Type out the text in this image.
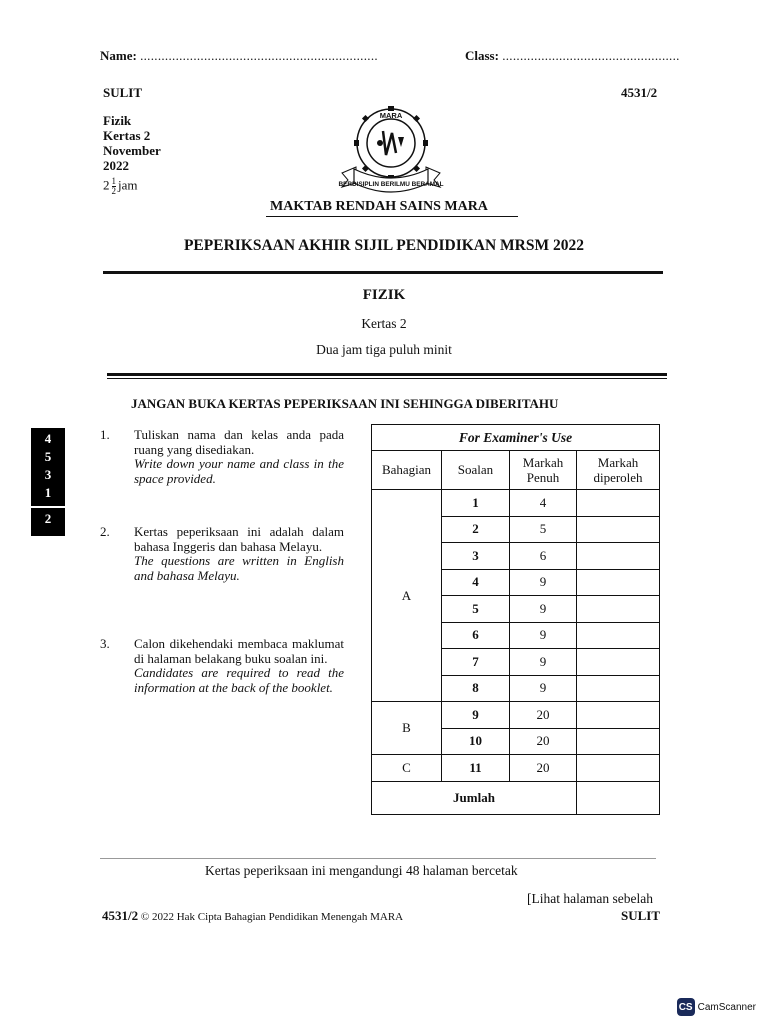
Name: ...................................................................	Class: ..................................................
SULIT	4531/2
Fizik
Kertas 2
November
2022
$2 \frac{1}{2}$ jam	BERDISIPLIN BERILMU BERAMAL
MARA
MAKTAB RENDAH SAINS MARA
PEPERIKSAAN AKHIR SIJIL PENDIDIKAN MRSM 2022
FIZIK
Kertas 2
Dua jam tiga puluh minit
JANGAN BUKA KERTAS PEPERIKSAAN INI SEHINGGA DIBERITAHU
4
5
3
1
2
1. Tuliskan nama dan kelas anda pada ruang yang disediakan.
Write down your name and class in the space provided.
2. Kertas peperiksaan ini adalah dalam bahasa Inggeris dan bahasa Melayu.
The questions are written in English and bahasa Melayu.
3. Calon dikehendaki membaca maklumat di halaman belakang buku soalan ini.
Candidates are required to read the information at the back of the booklet.
For Examiner's Use			
Bahagian	Soalan	Markah Penuh	Markah diperoleh
A	1	4	
	2	5	
	3	6	
	4	9	
	5	9	
	6	9	
	7	9	
	8	9	
B	9	20	
	10	20	
C	11	20	
Jumlah			
Kertas peperiksaan ini mengandungi 48 halaman bercetak
[Lihat halaman sebelah
4531/2 © 2022 Hak Cipta Bahagian Pendidikan Menengah MARA	SULIT
CS CamScanner
